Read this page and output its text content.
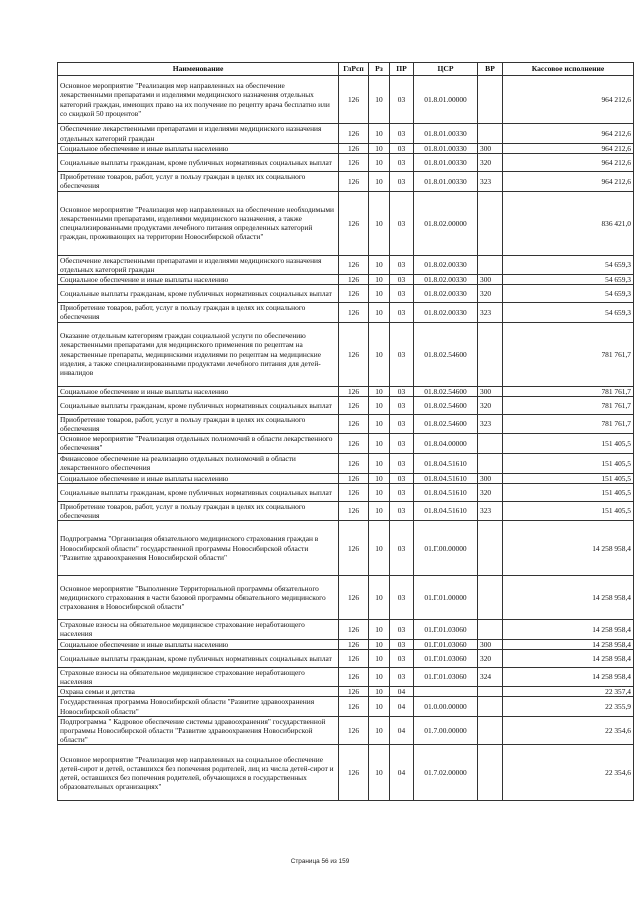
Наименование	ГлРсп	Рз	ПР	ЦСР	ВР	Кассовое исполнение
Основное мероприятие "Реализация мер направленных на обеспечение лекарственными препаратами и изделиями медицинского назначения отдельных категорий граждан, имеющих право на их получение по рецепту врача бесплатно или со скидкой 50 процентов"	126	10	03	01.8.01.00000		964 212,6
Обеспечение лекарственными препаратами и изделиями медицинского назначения отдельных категорий граждан	126	10	03	01.8.01.00330		964 212,6
Социальное обеспечение и иные выплаты населению	126	10	03	01.8.01.00330	300	964 212,6
Социальные выплаты гражданам, кроме публичных нормативных социальных выплат	126	10	03	01.8.01.00330	320	964 212,6
Приобретение товаров, работ, услуг в пользу граждан в целях их социального обеспечения	126	10	03	01.8.01.00330	323	964 212,6
Основное мероприятие "Реализация мер направленных на обеспечение необходимыми лекарственными препаратами, изделиями медицинского назначения, а также специализированными продуктами лечебного питания определенных категорий граждан, проживающих на территории Новосибирской области"	126	10	03	01.8.02.00000		836 421,0
Обеспечение лекарственными препаратами и изделиями медицинского назначения отдельных категорий граждан	126	10	03	01.8.02.00330		54 659,3
Социальное обеспечение и иные выплаты населению	126	10	03	01.8.02.00330	300	54 659,3
Социальные выплаты гражданам, кроме публичных нормативных социальных выплат	126	10	03	01.8.02.00330	320	54 659,3
Приобретение товаров, работ, услуг в пользу граждан в целях их социального обеспечения	126	10	03	01.8.02.00330	323	54 659,3
Оказание отдельным категориям граждан социальной услуги по обеспечению лекарственными препаратами для медицинского применения по рецептам на лекарственные препараты, медицинскими изделиями по рецептам на медицинские изделия, а также специализированными продуктами лечебного питания для детей-инвалидов	126	10	03	01.8.02.54600		781 761,7
Социальное обеспечение и иные выплаты населению	126	10	03	01.8.02.54600	300	781 761,7
Социальные выплаты гражданам, кроме публичных нормативных социальных выплат	126	10	03	01.8.02.54600	320	781 761,7
Приобретение товаров, работ, услуг в пользу граждан в целях их социального обеспечения	126	10	03	01.8.02.54600	323	781 761,7
Основное мероприятие "Реализация отдельных полномочий в области лекарственного обеспечения"	126	10	03	01.8.04.00000		151 405,5
Финансовое обеспечение на реализацию отдельных полномочий в области лекарственного обеспечения	126	10	03	01.8.04.51610		151 405,5
Социальное обеспечение и иные выплаты населению	126	10	03	01.8.04.51610	300	151 405,5
Социальные выплаты гражданам, кроме публичных нормативных социальных выплат	126	10	03	01.8.04.51610	320	151 405,5
Приобретение товаров, работ, услуг в пользу граждан в целях их социального обеспечения	126	10	03	01.8.04.51610	323	151 405,5
Подпрограмма "Организация обязательного медицинского страхования граждан в Новосибирской области" государственной программы Новосибирской области "Развитие здравоохранения Новосибирской области"	126	10	03	01.Г.00.00000		14 258 958,4
Основное мероприятие "Выполнение Территориальной программы обязательного медицинского страхования в части базовой программы обязательного медицинского страхования в Новосибирской области"	126	10	03	01.Г.01.00000		14 258 958,4
Страховые взносы на обязательное медицинское страхование неработающего населения	126	10	03	01.Г.01.03060		14 258 958,4
Социальное обеспечение и иные выплаты населению	126	10	03	01.Г.01.03060	300	14 258 958,4
Социальные выплаты гражданам, кроме публичных нормативных социальных выплат	126	10	03	01.Г.01.03060	320	14 258 958,4
Страховые взносы на обязательное медицинское страхование неработающего населения	126	10	03	01.Г.01.03060	324	14 258 958,4
Охрана семьи и детства	126	10	04			22 357,4
Государственная программа Новосибирской области "Развитие здравоохранения Новосибирской области"	126	10	04	01.0.00.00000		22 355,9
Подпрограмма " Кадровое обеспечение системы здравоохранения" государственной программы Новосибирской области "Развитие здравоохранения Новосибирской области"	126	10	04	01.7.00.00000		22 354,6
Основное мероприятие "Реализация мер направленных на социальное обеспечение детей-сирот и детей, оставшихся без попечения родителей, лиц из числа детей-сирот и детей, оставшихся без попечения родителей, обучающихся в государственных образовательных организациях"	126	10	04	01.7.02.00000		22 354,6
Страница 56 из 159
